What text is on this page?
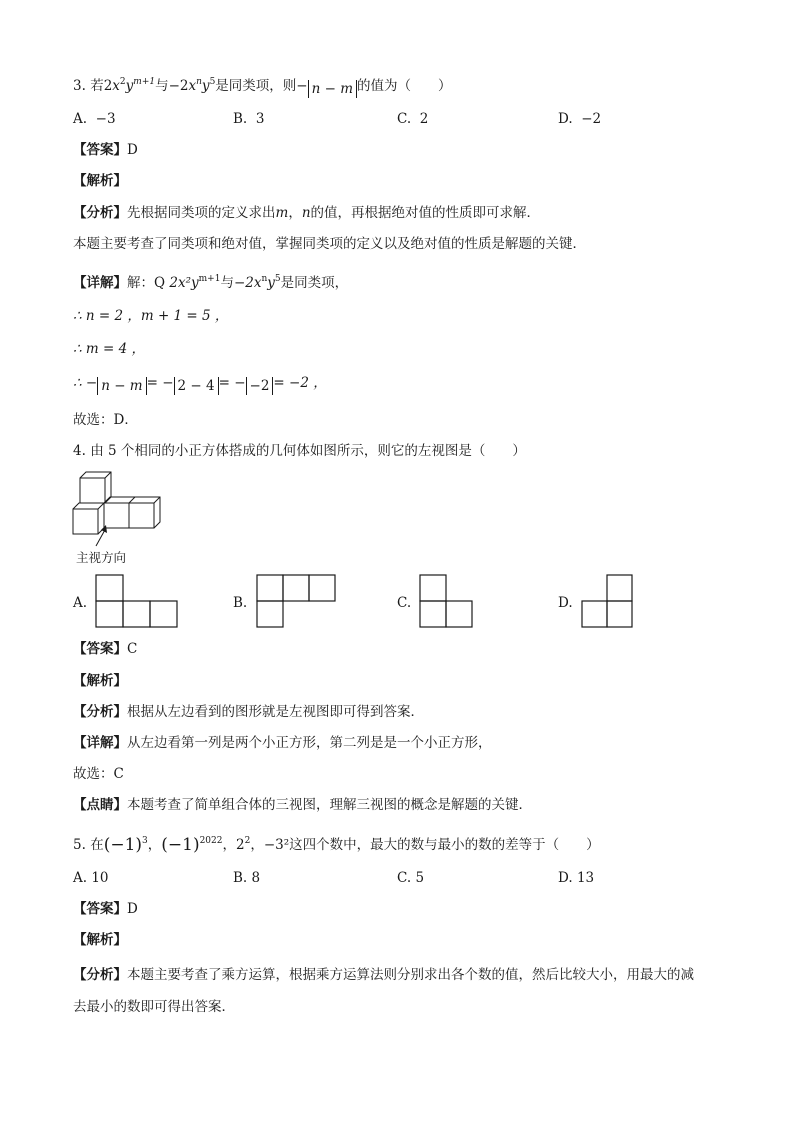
3. 若$2x^2y^{m+1}$与$-2x^ny^5$是同类项，则− n − m 的值为（　　）
A. −3	B. 3	C. 2	D. −2
【答案】D
【解析】
【分析】先根据同类项的定义求出m，n的值，再根据绝对值的性质即可求解．
本题主要考查了同类项和绝对值，掌握同类项的定义以及绝对值的性质是解题的关键．
【详解】解：Q $2x^2y^{m+1}$与$-2x^ny^5$是同类项，
∴ n = 2 ，m + 1 = 5 ，
∴ m = 4 ，
∴ − n − m = − 2 − 4 = − −2 = −2 ，
故选：D．
4. 由 5 个相同的小正方体搭成的几何体如图所示，则它的左视图是（　　）
主视方向
A.	B.	C.	D.
【答案】C
【解析】
【分析】根据从左边看到的图形就是左视图即可得到答案．
【详解】从左边看第一列是两个小正方形，第二列是是一个小正方形，
故选：C
【点睛】本题考查了简单组合体的三视图，理解三视图的概念是解题的关键．
5. 在$(-1)^3$，$(-1)^{2022}$，$2^2$，−3²这四个数中，最大的数与最小的数的差等于（　　）
A. 10	B. 8	C. 5	D. 13
【答案】D
【解析】
【分析】本题主要考查了乘方运算，根据乘方运算法则分别求出各个数的值，然后比较大小，用最大的减
去最小的数即可得出答案．
